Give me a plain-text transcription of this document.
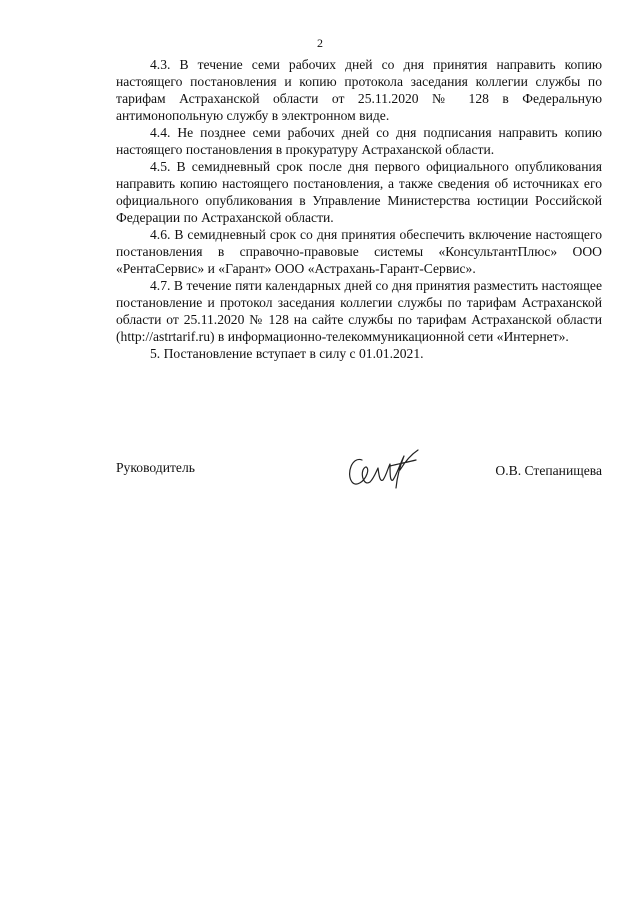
2

4.3. В течение семи рабочих дней со дня принятия направить копию настоящего постановления и копию протокола заседания коллегии службы по тарифам Астраханской области от 25.11.2020 № 128 в Федеральную антимонопольную службу в электронном виде.

4.4. Не позднее семи рабочих дней со дня подписания направить копию настоящего постановления в прокуратуру Астраханской области.

4.5. В семидневный срок после дня первого официального опубликования направить копию настоящего постановления, а также сведения об источниках его официального опубликования в Управление Министерства юстиции Российской Федерации по Астраханской области.

4.6. В семидневный срок со дня принятия обеспечить включение настоящего постановления в справочно-правовые системы «КонсультантПлюс» ООО «РентаСервис» и «Гарант» ООО «Астрахань-Гарант-Сервис».

4.7. В течение пяти календарных дней со дня принятия разместить настоящее постановление и протокол заседания коллегии службы по тарифам Астраханской области от 25.11.2020 № 128 на сайте службы по тарифам Астраханской области (http://astrtarif.ru) в информационно-телекоммуникационной сети «Интернет».

5. Постановление вступает в силу с 01.01.2021.

Руководитель	О.В. Степанищева
